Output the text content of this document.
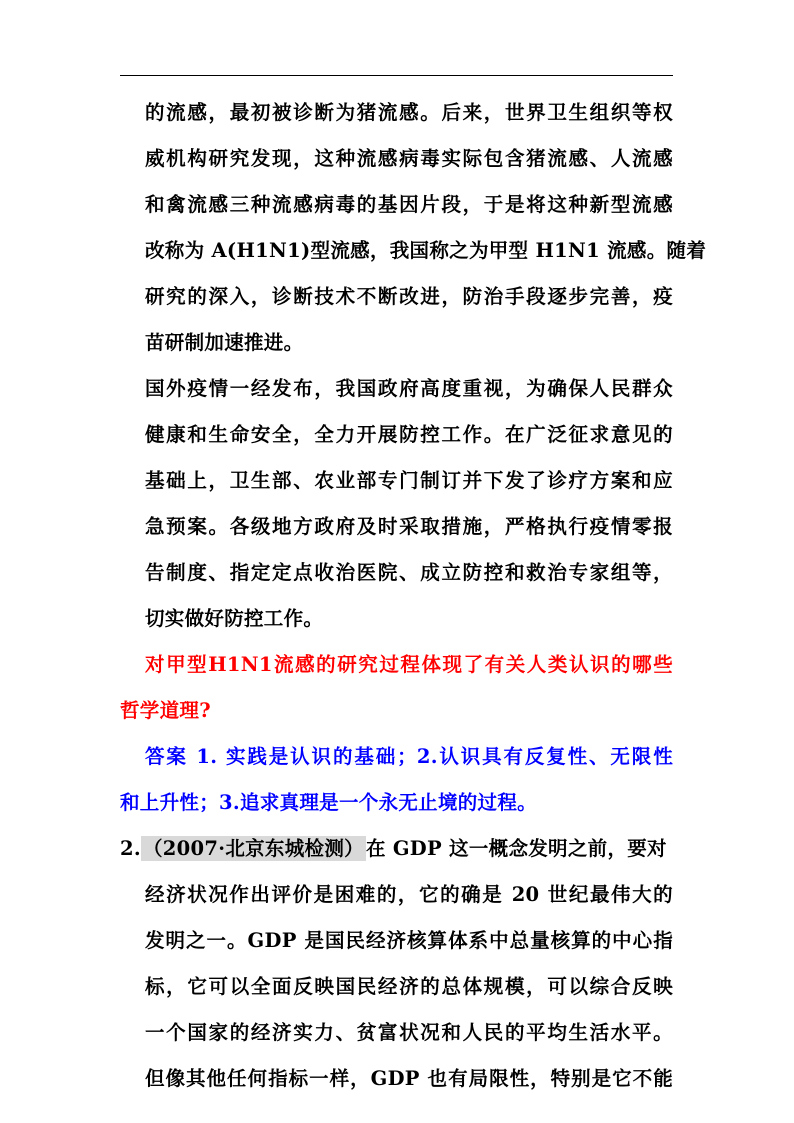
的流感，最初被诊断为猪流感。后来，世界卫生组织等权
威机构研究发现，这种流感病毒实际包含猪流感、人流感
和禽流感三种流感病毒的基因片段，于是将这种新型流感
改称为 A(H1N1)型流感，我国称之为甲型 H1N1 流感。随着
研究的深入，诊断技术不断改进，防治手段逐步完善，疫
苗研制加速推进。
国外疫情一经发布，我国政府高度重视，为确保人民群众
健康和生命安全，全力开展防控工作。在广泛征求意见的
基础上，卫生部、农业部专门制订并下发了诊疗方案和应
急预案。各级地方政府及时采取措施，严格执行疫情零报
告制度、指定定点收治医院、成立防控和救治专家组等，
切实做好防控工作。
对甲型H1N1流感的研究过程体现了有关人类认识的哪些
哲学道理?
答案 1. 实践是认识的基础；2.认识具有反复性、无限性
和上升性；3.追求真理是一个永无止境的过程。
2. （2007·北京东城检测） 在 GDP 这一概念发明之前，要对
经济状况作出评价是困难的，它的确是 20 世纪最伟大的
发明之一。GDP 是国民经济核算体系中总量核算的中心指
标，它可以全面反映国民经济的总体规模，可以综合反映
一个国家的经济实力、贫富状况和人民的平均生活水平。
但像其他任何指标一样，GDP 也有局限性，特别是它不能
